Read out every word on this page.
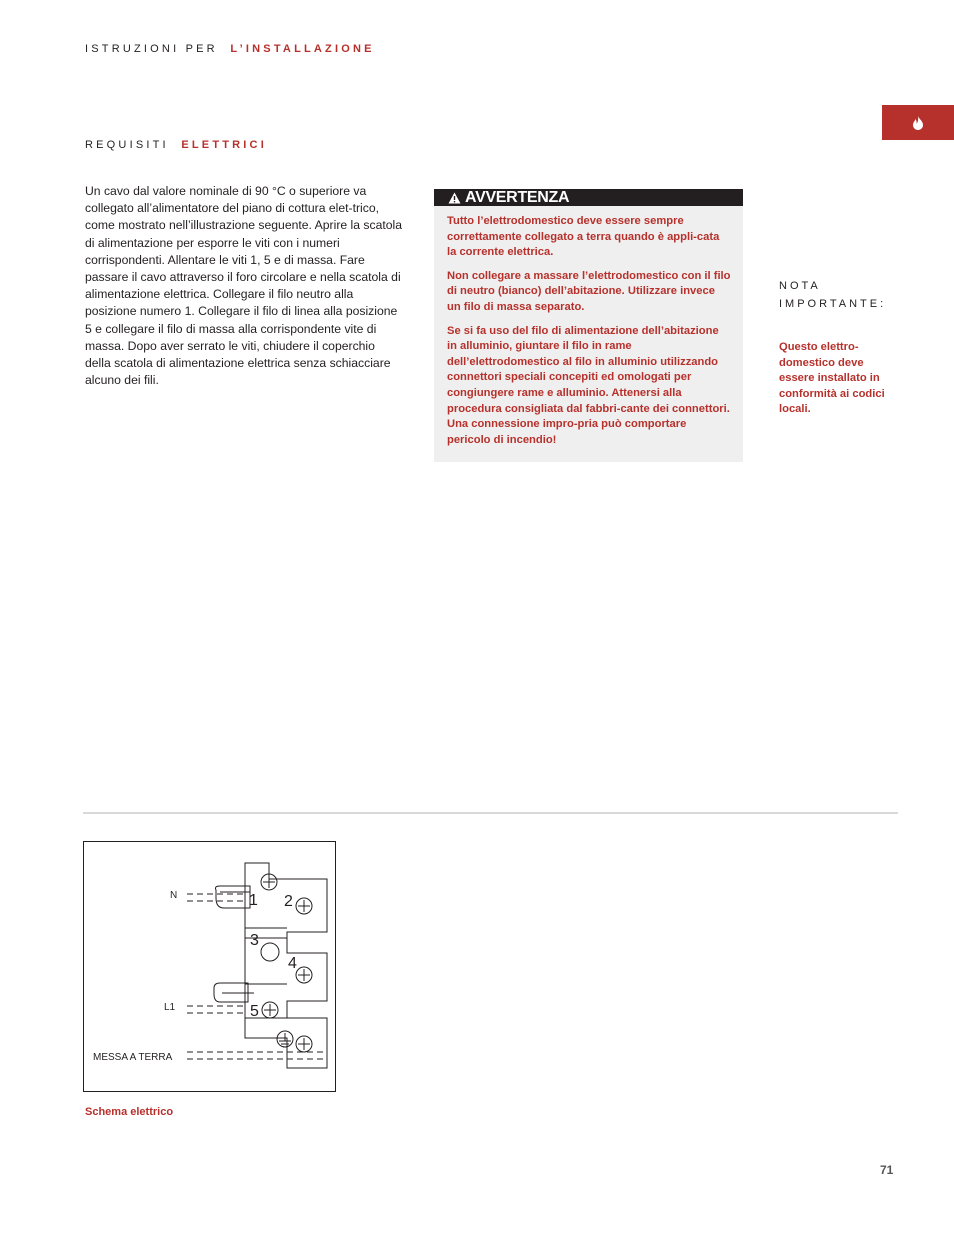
ISTRUZIONI PER L’INSTALLAZIONE
REQUISITI ELETTRICI

Un cavo dal valore nominale di 90 °C o superiore va collegato all’alimentatore del piano di cottura elet-trico, come mostrato nell’illustrazione seguente. Aprire la scatola di alimentazione per esporre le viti con i numeri corrispondenti. Allentare le viti 1, 5 e di massa. Fare passare il cavo attraverso il foro circolare e nella scatola di alimentazione elettrica. Collegare il filo neutro alla posizione numero 1. Collegare il filo di linea alla posizione 5 e collegare il filo di massa alla corrispondente vite di massa. Dopo aver serrato le viti, chiudere il coperchio della scatola di alimentazione elettrica senza schiacciare alcuno dei fili.

AVVERTENZA

Tutto l’elettrodomestico deve essere sempre correttamente collegato a terra quando è appli-cata la corrente elettrica.

Non collegare a massare l’elettrodomestico con il filo di neutro (bianco) dell’abitazione. Utilizzare invece un filo di massa separato.

Se si fa uso del filo di alimentazione dell’abitazione in alluminio, giuntare il filo in rame dell’elettrodomestico al filo in alluminio utilizzando connettori speciali concepiti ed omologati per congiungere rame e alluminio. Attenersi alla procedura consigliata dal fabbri-cante dei connettori. Una connessione impro-pria può comportare pericolo di incendio!

NOTA
IMPORTANTE:

Questo elettro-domestico deve essere installato in conformità ai codici locali.

1 2
3
4
5
N
L1
MESSA A TERRA
Schema elettrico
71
